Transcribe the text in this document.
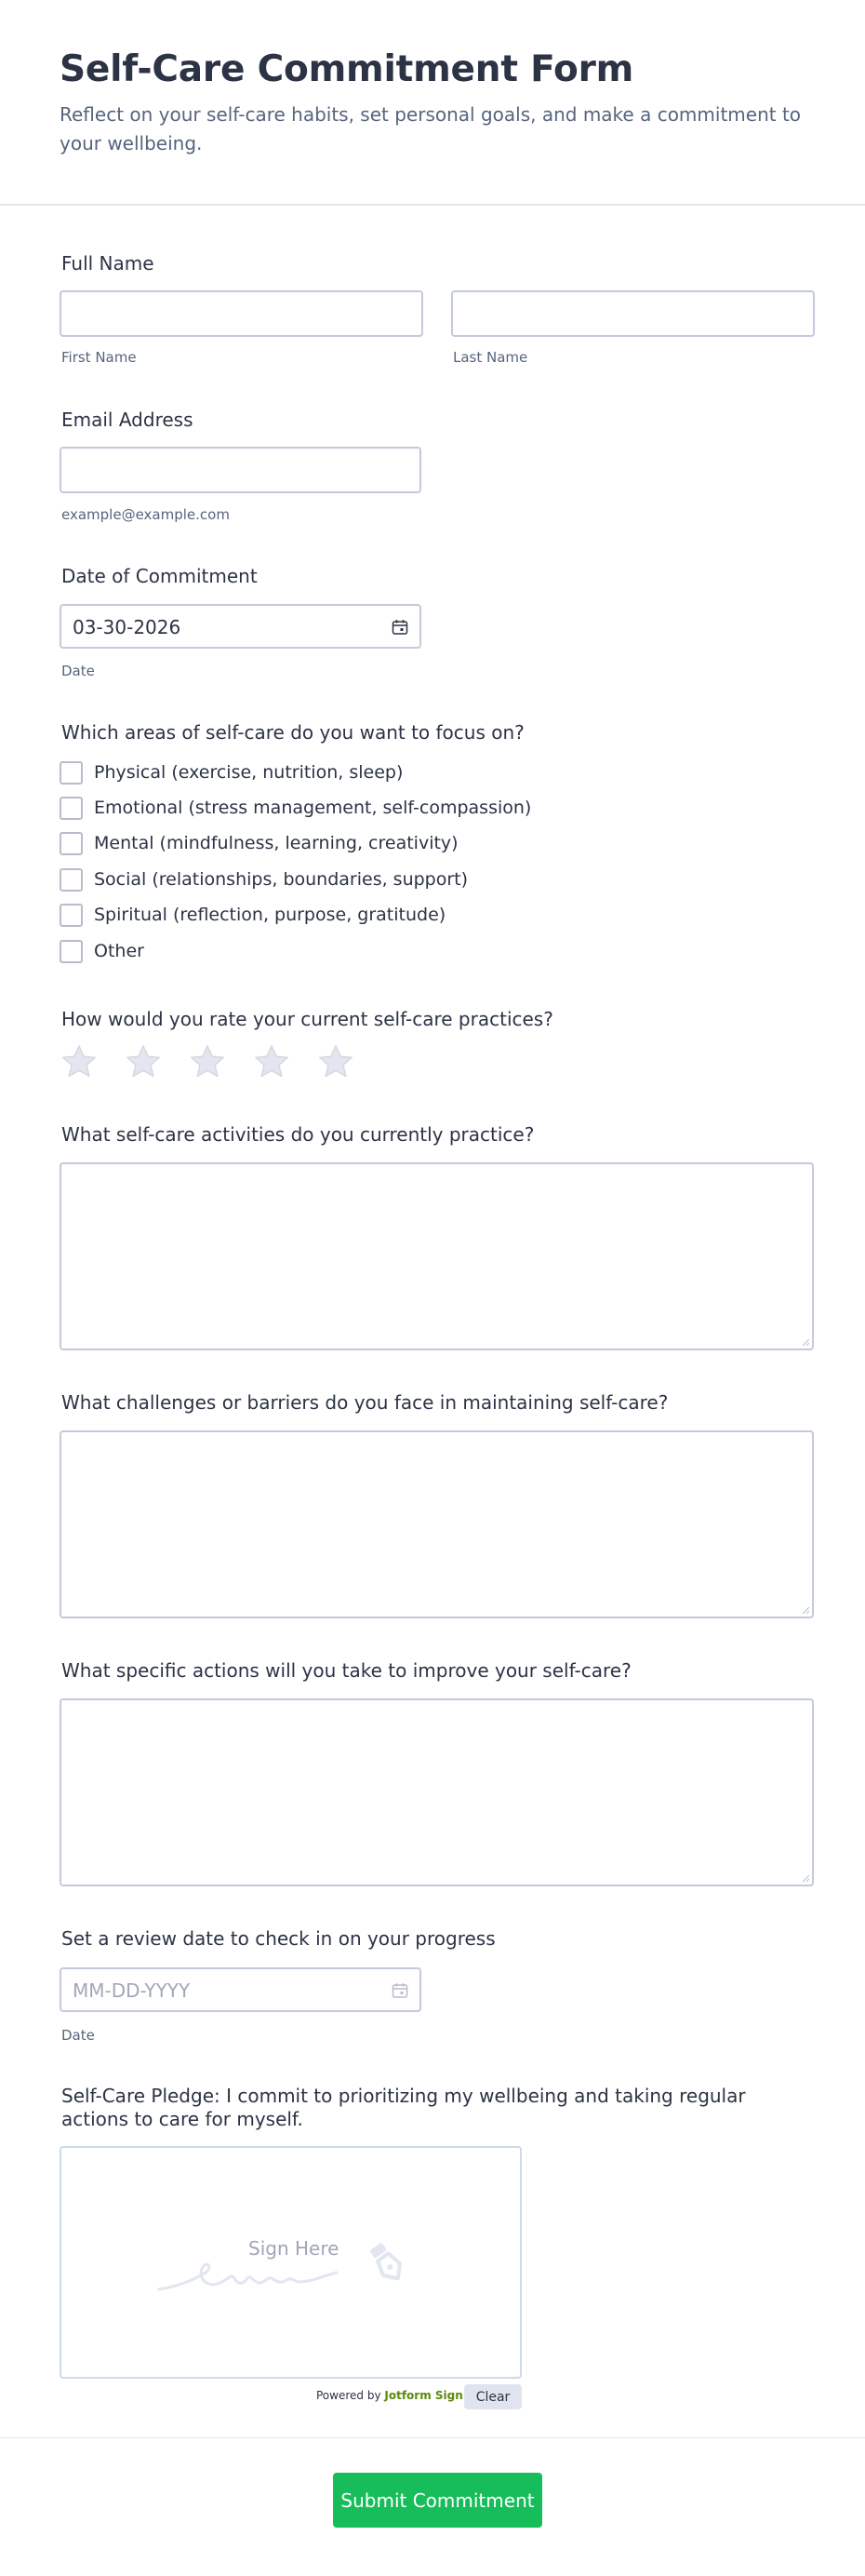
Self-Care Commitment Form

Reflect on your self-care habits, set personal goals, and make a commitment to your wellbeing.

Full Name
First Name	Last Name
Email Address
example@example.com
Date of Commitment
03-30-2026
Date
Which areas of self-care do you want to focus on?
Physical (exercise, nutrition, sleep)
Emotional (stress management, self-compassion)
Mental (mindfulness, learning, creativity)
Social (relationships, boundaries, support)
Spiritual (reflection, purpose, gratitude)
Other
How would you rate your current self-care practices?
What self-care activities do you currently practice?
What challenges or barriers do you face in maintaining self-care?
What specific actions will you take to improve your self-care?
Set a review date to check in on your progress
MM-DD-YYYY
Date
Self-Care Pledge: I commit to prioritizing my wellbeing and taking regular actions to care for myself.
Sign Here
Powered by Jotform Sign Clear
Submit Commitment
